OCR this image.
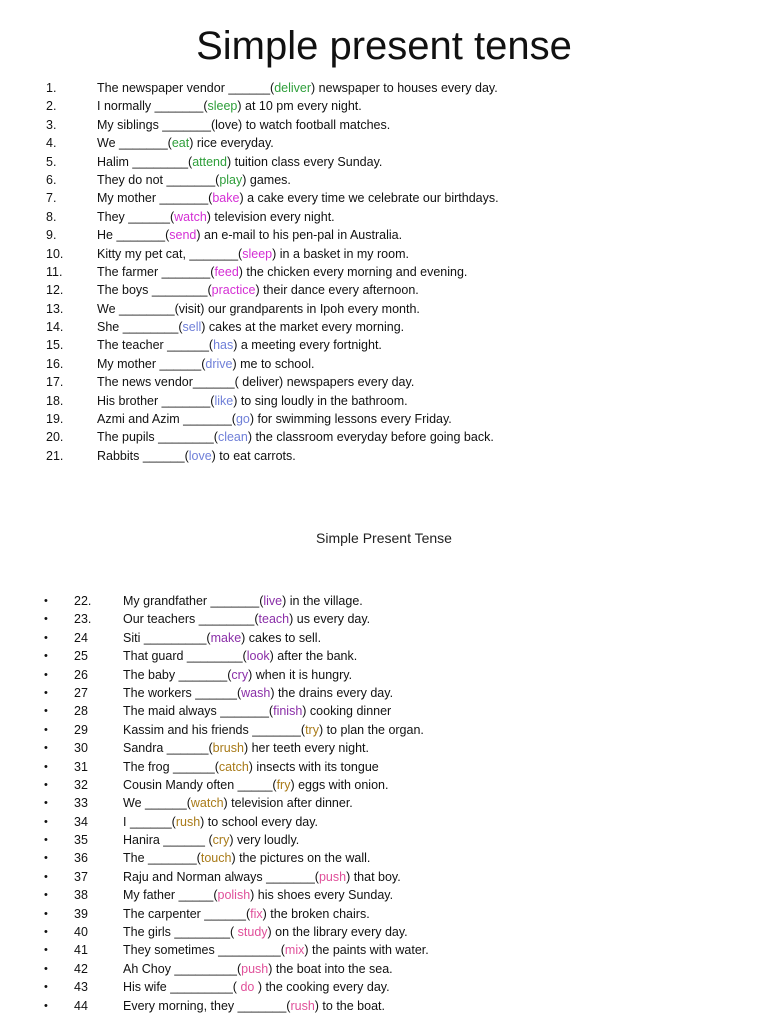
Simple present tense
1.	The newspaper vendor ______(deliver) newspaper to houses every day.
2.	I normally _______(sleep) at 10 pm every night.
3.	My siblings _______(love) to watch football matches.
4.	We _______(eat) rice everyday.
5.	Halim ________(attend) tuition class every Sunday.
6.	They do not _______(play) games.
7.	My mother _______(bake) a cake every time we celebrate our birthdays.
8.	They ______(watch) television every night.
9.	He _______(send) an e-mail to his pen-pal in Australia.
10.	Kitty my pet cat, _______(sleep) in a basket in my room.
11.	The farmer _______(feed) the chicken every morning and evening.
12.	The boys ________(practice) their dance every afternoon.
13.	We ________(visit) our grandparents in Ipoh every month.
14.	She ________(sell) cakes at the market every morning.
15.	The teacher ______(has) a meeting every fortnight.
16.	My mother ______(drive) me to school.
17.	The news vendor______( deliver) newspapers every day.
18.	His brother _______(like) to sing loudly in the bathroom.
19.	Azmi and Azim _______(go) for swimming lessons every Friday.
20.	The pupils ________(clean) the classroom everyday before going back.
21.	Rabbits ______(love) to eat carrots.
Simple Present Tense
• 22.	My grandfather _______(live) in the village.
• 23.	Our teachers ________(teach) us every day.
• 24	Siti _________(make) cakes to sell.
• 25	That guard ________(look) after the bank.
• 26	The baby _______(cry) when it is hungry.
• 27	The workers ______(wash) the drains every day.
• 28	The maid always _______(finish) cooking dinner
• 29	Kassim and his friends _______(try) to plan the organ.
• 30	Sandra ______(brush) her teeth every night.
• 31	The frog ______(catch) insects with its tongue
• 32	Cousin Mandy often _____(fry) eggs with onion.
• 33	We ______(watch) television after dinner.
• 34	I ______(rush) to school every day.
• 35	Hanira ______ (cry) very loudly.
• 36	The _______(touch) the pictures on the wall.
• 37	Raju and Norman always _______(push) that boy.
• 38	My father _____(polish) his shoes every Sunday.
• 39	The carpenter ______(fix) the broken chairs.
• 40	The girls ________( study) on the library every day.
• 41	They sometimes _________(mix) the paints with water.
• 42	Ah Choy _________(push) the boat into the sea.
• 43	His wife _________( do ) the cooking every day.
• 44	Every morning, they _______(rush) to the boat.
